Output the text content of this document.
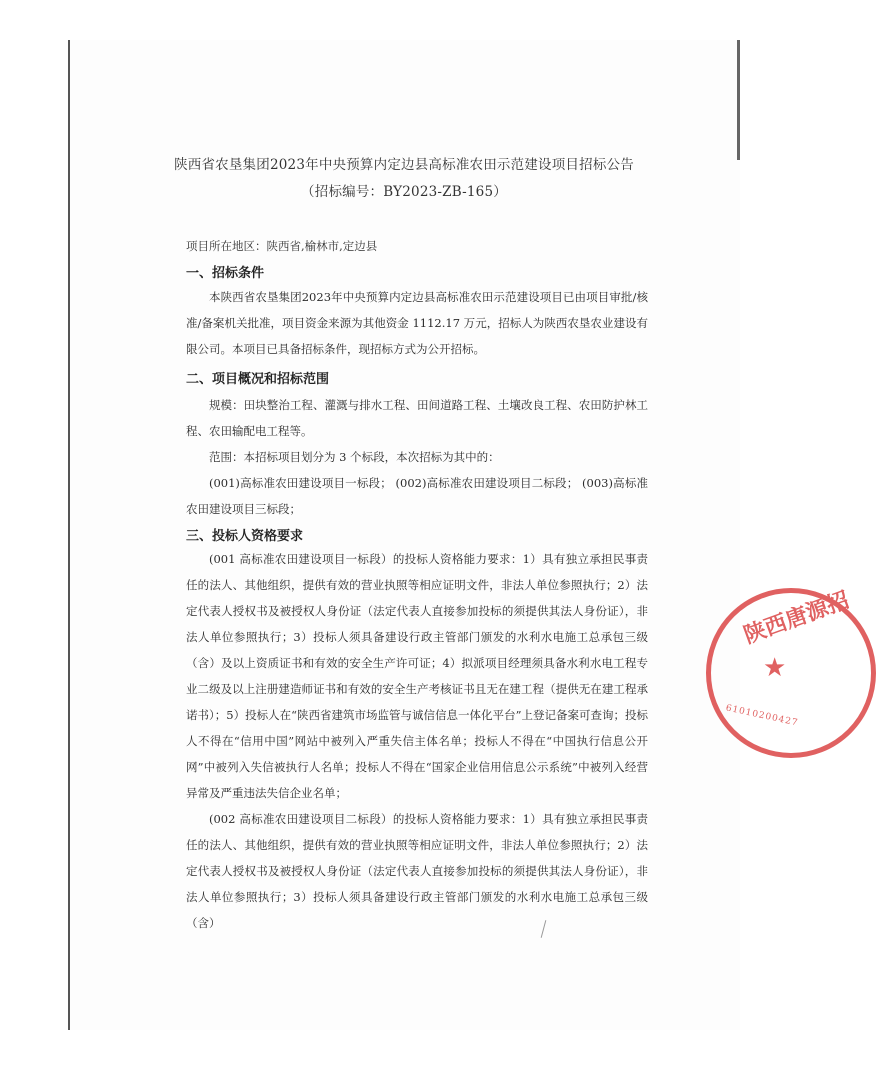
陕西省农垦集团2023年中央预算内定边县高标准农田示范建设项目招标公告
（招标编号：BY2023-ZB-165）
项目所在地区：陕西省,榆林市,定边县
一、招标条件
本陕西省农垦集团2023年中央预算内定边县高标准农田示范建设项目已由项目审批/核准/备案机关批准，项目资金来源为其他资金 1112.17 万元，招标人为陕西农垦农业建设有限公司。本项目已具备招标条件，现招标方式为公开招标。
二、项目概况和招标范围
规模：田块整治工程、灌溉与排水工程、田间道路工程、土壤改良工程、农田防护林工程、农田输配电工程等。
范围：本招标项目划分为 3 个标段，本次招标为其中的：
(001)高标准农田建设项目一标段； (002)高标准农田建设项目二标段； (003)高标准农田建设项目三标段；
三、投标人资格要求
(001 高标准农田建设项目一标段）的投标人资格能力要求：1）具有独立承担民事责任的法人、其他组织，提供有效的营业执照等相应证明文件，非法人单位参照执行；2）法定代表人授权书及被授权人身份证（法定代表人直接参加投标的须提供其法人身份证），非法人单位参照执行；3）投标人须具备建设行政主管部门颁发的水利水电施工总承包三级（含）及以上资质证书和有效的安全生产许可证；4）拟派项目经理须具备水利水电工程专业二级及以上注册建造师证书和有效的安全生产考核证书且无在建工程（提供无在建工程承诺书）；5）投标人在“陕西省建筑市场监管与诚信信息一体化平台”上登记备案可查询；投标人不得在“信用中国”网站中被列入严重失信主体名单；投标人不得在“中国执行信息公开网”中被列入失信被执行人名单；投标人不得在“国家企业信用信息公示系统”中被列入经营异常及严重违法失信企业名单；
(002 高标准农田建设项目二标段）的投标人资格能力要求：1）具有独立承担民事责任的法人、其他组织，提供有效的营业执照等相应证明文件，非法人单位参照执行；2）法定代表人授权书及被授权人身份证（法定代表人直接参加投标的须提供其法人身份证），非法人单位参照执行；3）投标人须具备建设行政主管部门颁发的水利水电施工总承包三级（含）
陕西唐源招
★
61010200427
